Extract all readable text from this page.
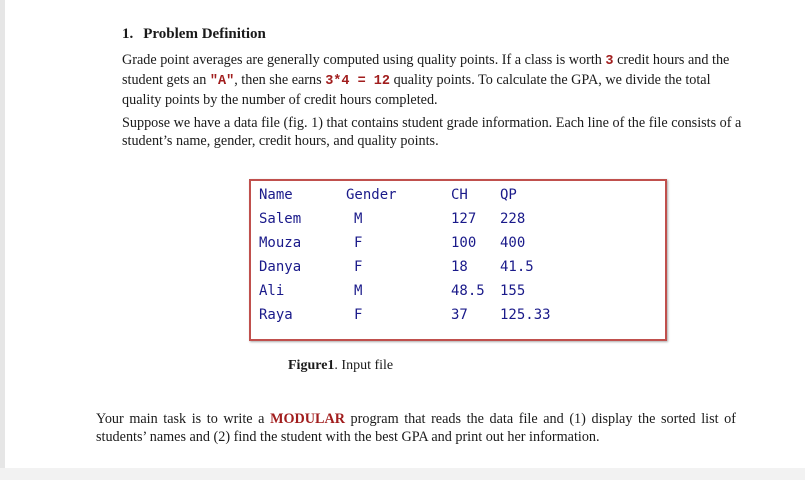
1. Problem Definition
Grade point averages are generally computed using quality points. If a class is worth 3 credit hours and the student gets an "A", then she earns 3*4 = 12 quality points. To calculate the GPA, we divide the total quality points by the number of credit hours completed.
Suppose we have a data file (fig. 1) that contains student grade information. Each line of the file consists of a student’s name, gender, credit hours, and quality points.
Name	Gender	CH QP
Salem	M	127 228
Mouza	F	100 400
Danya	F	18 41.5
Ali	M	48.5 155
Raya	F	37 125.33
Figure1. Input file
Your main task is to write a MODULAR program that reads the data file and (1) display the sorted list of students’ names and (2) find the student with the best GPA and print out her information.
